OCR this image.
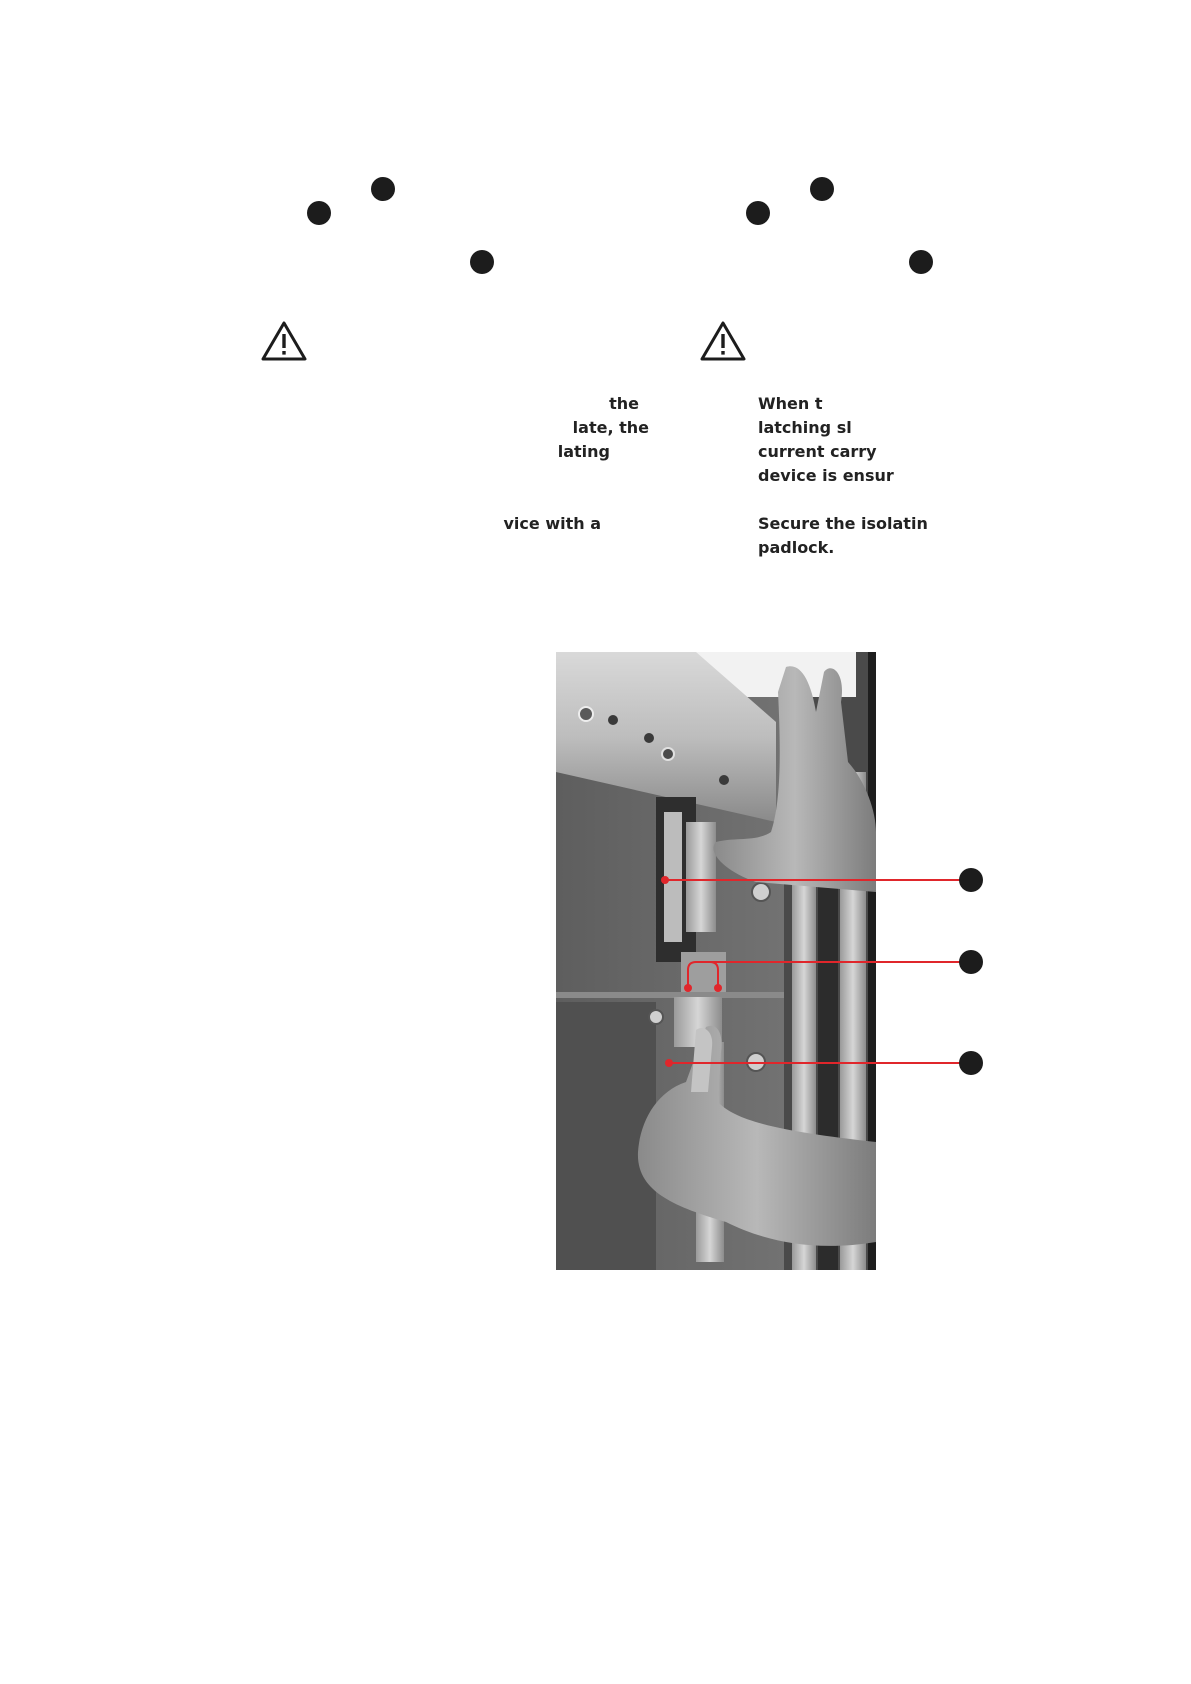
the
late, the
lating
vice with a
When t
latching sl
current carry
device is ensur
Secure the isolatin
padlock.
